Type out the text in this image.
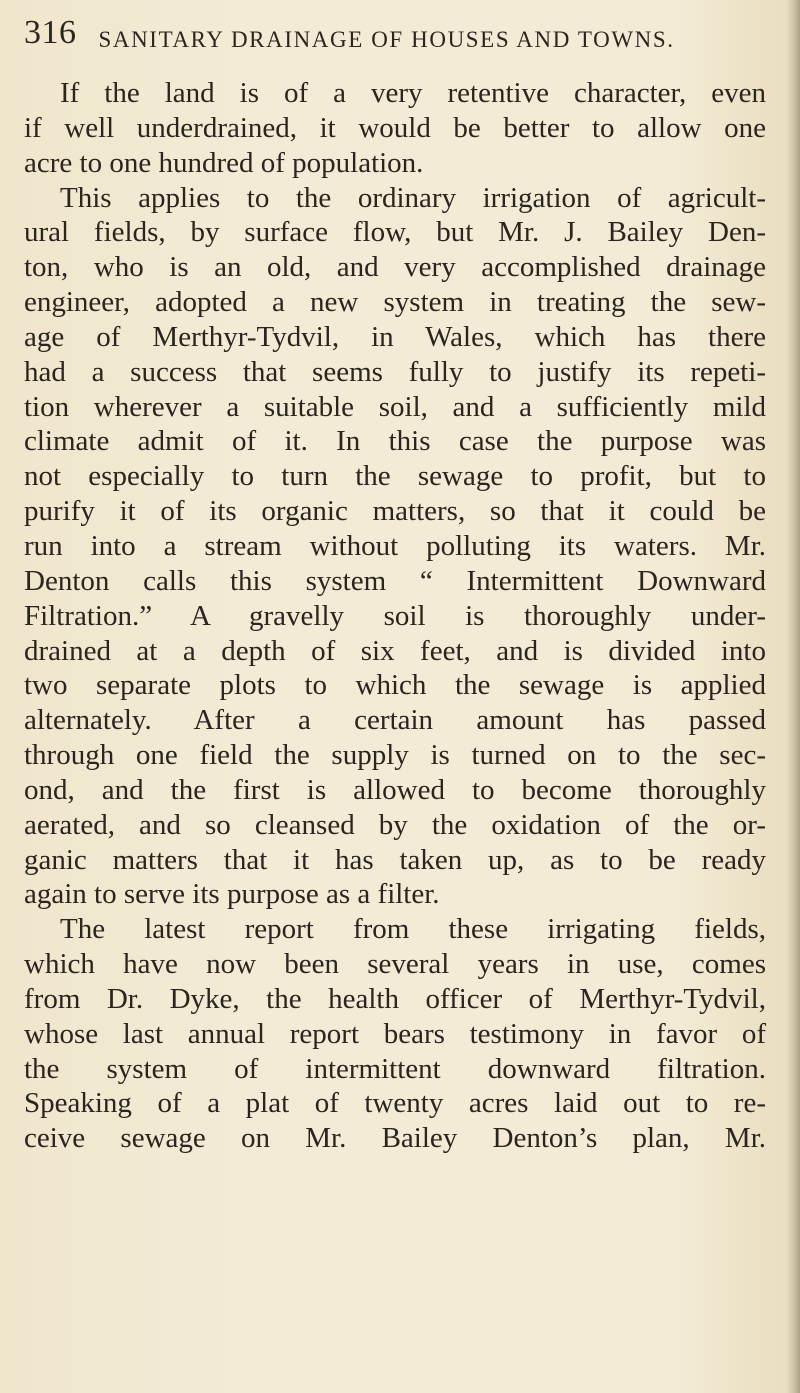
316 SANITARY DRAINAGE OF HOUSES AND TOWNS.
If the land is of a very retentive character, even
if well underdrained, it would be better to allow one
acre to one hundred of population.
This applies to the ordinary irrigation of agricult-
ural fields, by surface flow, but Mr. J. Bailey Den-
ton, who is an old, and very accomplished drainage
engineer, adopted a new system in treating the sew-
age of Merthyr-Tydvil, in Wales, which has there
had a success that seems fully to justify its repeti-
tion wherever a suitable soil, and a sufficiently mild
climate admit of it. In this case the purpose was
not especially to turn the sewage to profit, but to
purify it of its organic matters, so that it could be
run into a stream without polluting its waters. Mr.
Denton calls this system “ Intermittent Downward
Filtration.” A gravelly soil is thoroughly under-
drained at a depth of six feet, and is divided into
two separate plots to which the sewage is applied
alternately. After a certain amount has passed
through one field the supply is turned on to the sec-
ond, and the first is allowed to become thoroughly
aerated, and so cleansed by the oxidation of the or-
ganic matters that it has taken up, as to be ready
again to serve its purpose as a filter.
The latest report from these irrigating fields,
which have now been several years in use, comes
from Dr. Dyke, the health officer of Merthyr-Tydvil,
whose last annual report bears testimony in favor of
the system of intermittent downward filtration.
Speaking of a plat of twenty acres laid out to re-
ceive sewage on Mr. Bailey Denton’s plan, Mr.
